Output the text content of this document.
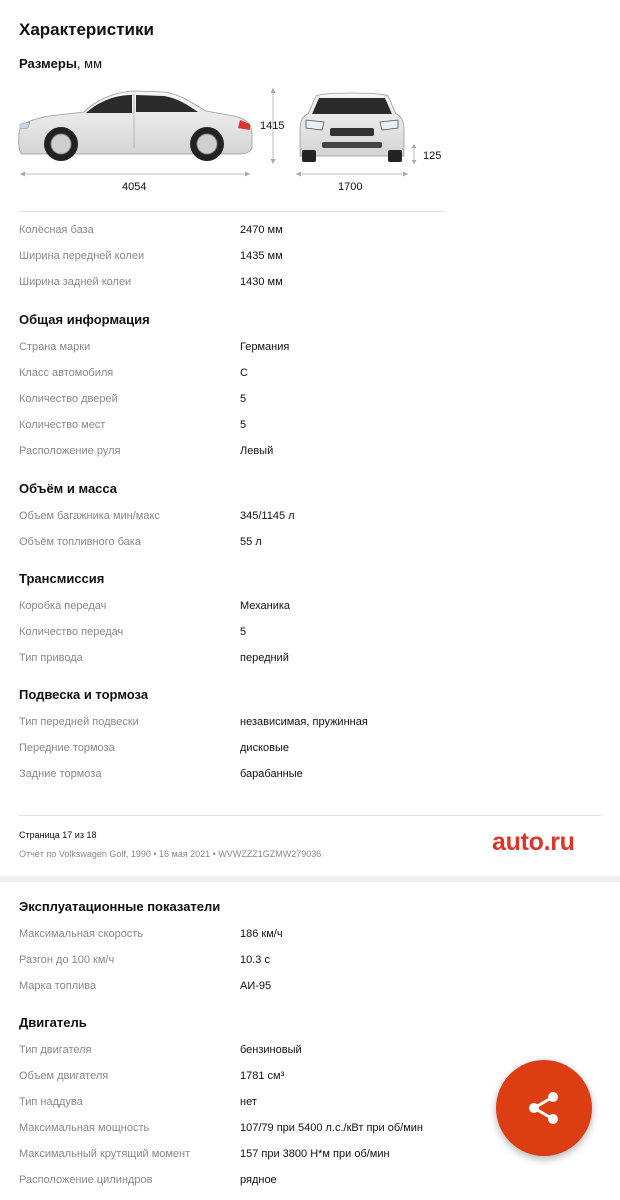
Характеристики
Размеры, мм
4054
1415
1700
125
Колёсная база	2470 мм
Ширина передней колеи	1435 мм
Ширина задней колеи	1430 мм
Общая информация
Страна марки	Германия
Класс автомобиля	C
Количество дверей	5
Количество мест	5
Расположение руля	Левый
Объём и масса
Объем багажника мин/макс	345/1145 л
Объём топливного бака	55 л
Трансмиссия
Коробка передач	Механика
Количество передач	5
Тип привода	передний
Подвеска и тормоза
Тип передней подвески	независимая, пружинная
Передние тормоза	дисковые
Задние тормоза	барабанные
Эксплуатационные показатели
Максимальная скорость	186 км/ч
Разгон до 100 км/ч	10.3 с
Марка топлива	АИ-95
Двигатель
Тип двигателя	бензиновый
Объем двигателя	1781 см³
Тип наддува	нет
Максимальная мощность	107/79 при 5400 л.с./кВт при об/мин
Максимальный крутящий момент	157 при 3800 Н*м при об/мин
Расположение цилиндров	рядное
Страница 17 из 18
Отчёт по Volkswagen Golf, 1990 • 16 мая 2021 • WVWZZZ1GZMW279036	auto.ru
